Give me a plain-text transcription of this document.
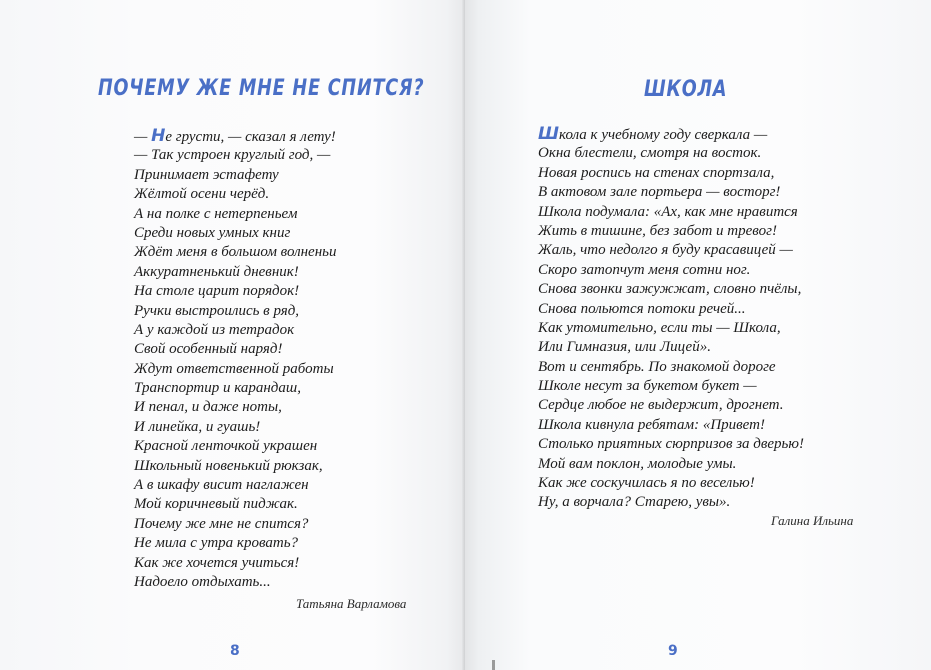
ПОЧЕМУ ЖЕ МНЕ НЕ СПИТСЯ?
— Не грусти, — сказал я лету!
— Так устроен круглый год, —
Принимает эстафету
Жёлтой осени черёд.
А на полке с нетерпеньем
Среди новых умных книг
Ждёт меня в большом волненьи
Аккуратненький дневник!
На столе царит порядок!
Ручки выстроились в ряд,
А у каждой из тетрадок
Свой особенный наряд!
Ждут ответственной работы
Транспортир и карандаш,
И пенал, и даже ноты,
И линейка, и гуашь!
Красной ленточкой украшен
Школьный новенький рюкзак,
А в шкафу висит наглажен
Мой коричневый пиджак.
Почему же мне не спится?
Не мила с утра кровать?
Как же хочется учиться!
Надоело отдыхать...
Татьяна Варламова
8
ШКОЛА
Школа к учебному году сверкала —
Окна блестели, смотря на восток.
Новая роспись на стенах спортзала,
В актовом зале портьера — восторг!
Школа подумала: «Ах, как мне нравится
Жить в тишине, без забот и тревог!
Жаль, что недолго я буду красавицей —
Скоро затопчут меня сотни ног.
Снова звонки зажужжат, словно пчёлы,
Снова польются потоки речей...
Как утомительно, если ты — Школа,
Или Гимназия, или Лицей».
Вот и сентябрь. По знакомой дороге
Школе несут за букетом букет —
Сердце любое не выдержит, дрогнет.
Школа кивнула ребятам: «Привет!
Столько приятных сюрпризов за дверью!
Мой вам поклон, молодые умы.
Как же соскучилась я по веселью!
Ну, а ворчала? Старею, увы».
Галина Ильина
9
